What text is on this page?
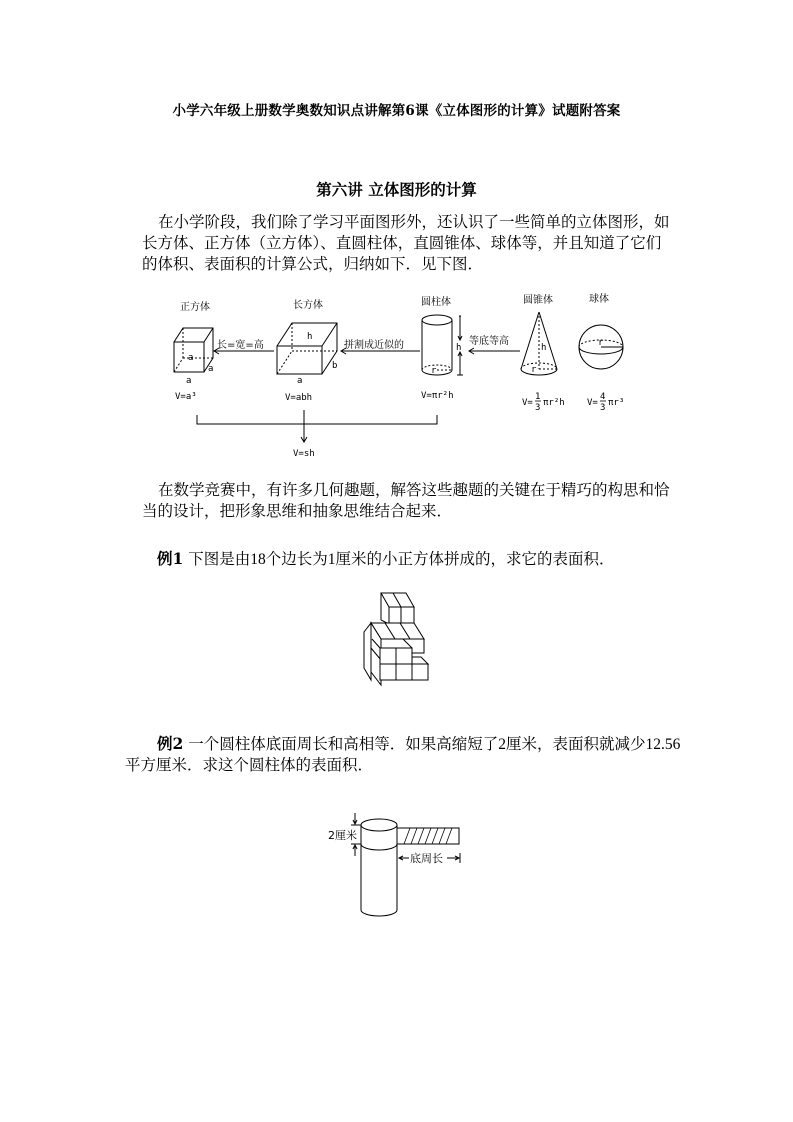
小学六年级上册数学奥数知识点讲解第6课《立体图形的计算》试题附答案
第六讲 立体图形的计算
在小学阶段，我们除了学习平面图形外，还认识了一些简单的立体图形，如长方体、正方体（立方体）、直圆柱体，直圆锥体、球体等，并且知道了它们的体积、表面积的计算公式，归纳如下．见下图．
正方体	长方体	圆柱体	圆锥体	球体
长=宽=高	拼割成近似的	等底等高
a
a
a
h
b
a
h
r
h
r
r
V=a³	V=abh	V=πr²h
V=
1
3 πr²h V=
4
3 πr³
V=sh
在数学竞赛中，有许多几何趣题，解答这些趣题的关键在于精巧的构思和恰当的设计，把形象思维和抽象思维结合起来．
例1 下图是由18个边长为1厘米的小正方体拼成的，求它的表面积．
例2 一个圆柱体底面周长和高相等．如果高缩短了2厘米，表面积就减少12.56平方厘米．求这个圆柱体的表面积．
2厘米
底周长
